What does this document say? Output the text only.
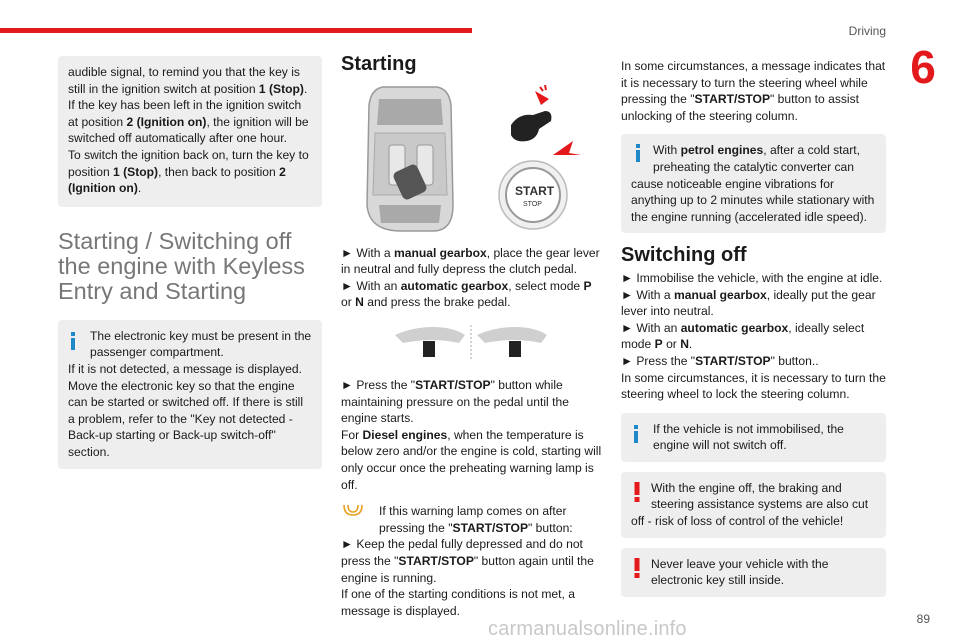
Driving
6

audible signal, to remind you that the key is still in the ignition switch at position 1 (Stop). If the key has been left in the ignition switch at position 2 (Ignition on), the ignition will be switched off automatically after one hour.
To switch the ignition back on, turn the key to position 1 (Stop), then back to position 2 (Ignition on).

Starting / Switching off the engine with Keyless Entry and Starting

The electronic key must be present in the passenger compartment.

If it is not detected, a message is displayed. Move the electronic key so that the engine can be started or switched off. If there is still a problem, refer to the "Key not detected - Back-up starting or Back-up switch-off" section.

Starting
START
STOP

► With a manual gearbox, place the gear lever in neutral and fully depress the clutch pedal.

► With an automatic gearbox, select mode P or N and press the brake pedal.

► Press the "START/STOP" button while maintaining pressure on the pedal until the engine starts.

For Diesel engines, when the temperature is below zero and/or the engine is cold, starting will only occur once the preheating warning lamp is off.

If this warning lamp comes on after pressing the "START/STOP" button:

► Keep the pedal fully depressed and do not press the "START/STOP" button again until the engine is running.

If one of the starting conditions is not met, a message is displayed.

In some circumstances, a message indicates that it is necessary to turn the steering wheel while pressing the "START/STOP" button to assist unlocking of the steering column.

With petrol engines, after a cold start, preheating the catalytic converter can cause noticeable engine vibrations for anything up to 2 minutes while stationary with the engine running (accelerated idle speed).

Switching off

► Immobilise the vehicle, with the engine at idle.

► With a manual gearbox, ideally put the gear lever into neutral.

► With an automatic gearbox, ideally select mode P or N.

► Press the "START/STOP" button..

In some circumstances, it is necessary to turn the steering wheel to lock the steering column.

If the vehicle is not immobilised, the engine will not switch off.

With the engine off, the braking and steering assistance systems are also cut off - risk of loss of control of the vehicle!

Never leave your vehicle with the electronic key still inside.

carmanualsonline.info	89
